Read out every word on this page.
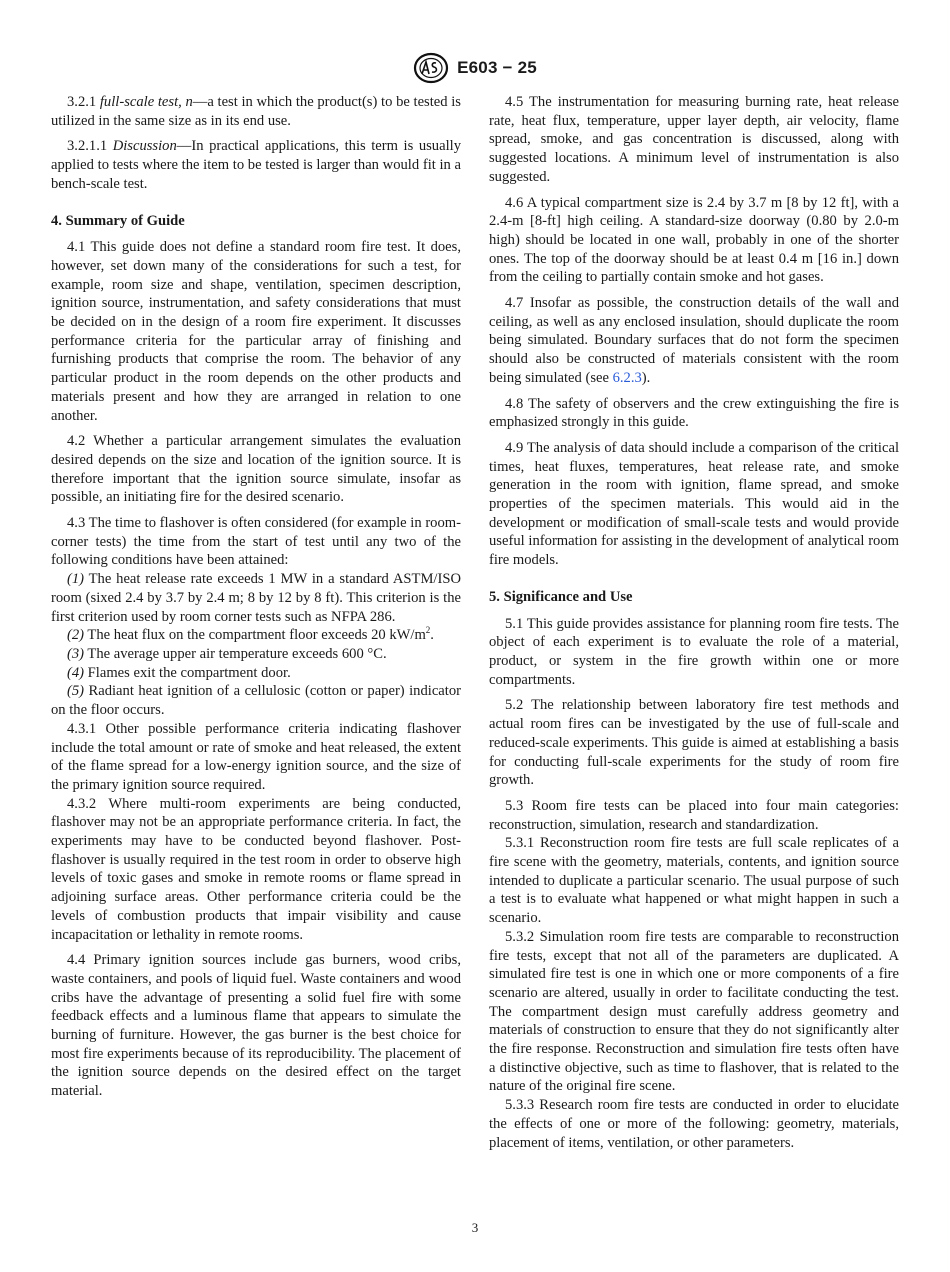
E603 − 25

3.2.1 full-scale test, n—a test in which the product(s) to be tested is utilized in the same size as in its end use.

3.2.1.1 Discussion—In practical applications, this term is usually applied to tests where the item to be tested is larger than would fit in a bench-scale test.

4. Summary of Guide

4.1 This guide does not define a standard room fire test. It does, however, set down many of the considerations for such a test, for example, room size and shape, ventilation, specimen description, ignition source, instrumentation, and safety considerations that must be decided on in the design of a room fire experiment. It discusses performance criteria for the particular array of finishing and furnishing products that comprise the room. The behavior of any particular product in the room depends on the other products and materials present and how they are arranged in relation to one another.

4.2 Whether a particular arrangement simulates the evaluation desired depends on the size and location of the ignition source. It is therefore important that the ignition source simulate, insofar as possible, an initiating fire for the desired scenario.

4.3 The time to flashover is often considered (for example in room-corner tests) the time from the start of test until any two of the following conditions have been attained:

(1) The heat release rate exceeds 1 MW in a standard ASTM/ISO room (sixed 2.4 by 3.7 by 2.4 m; 8 by 12 by 8 ft). This criterion is the first criterion used by room corner tests such as NFPA 286.

(2) The heat flux on the compartment floor exceeds 20 $kW/m^2$.

(3) The average upper air temperature exceeds 600 °C.

(4) Flames exit the compartment door.

(5) Radiant heat ignition of a cellulosic (cotton or paper) indicator on the floor occurs.

4.3.1 Other possible performance criteria indicating flashover include the total amount or rate of smoke and heat released, the extent of the flame spread for a low-energy ignition source, and the size of the primary ignition source required.

4.3.2 Where multi-room experiments are being conducted, flashover may not be an appropriate performance criteria. In fact, the experiments may have to be conducted beyond flashover. Post-flashover is usually required in the test room in order to observe high levels of toxic gases and smoke in remote rooms or flame spread in adjoining surface areas. Other performance criteria could be the levels of combustion products that impair visibility and cause incapacitation or lethality in remote rooms.

4.4 Primary ignition sources include gas burners, wood cribs, waste containers, and pools of liquid fuel. Waste containers and wood cribs have the advantage of presenting a solid fuel fire with some feedback effects and a luminous flame that appears to simulate the burning of furniture. However, the gas burner is the best choice for most fire experiments because of its reproducibility. The placement of the ignition source depends on the desired effect on the target material.

4.5 The instrumentation for measuring burning rate, heat release rate, heat flux, temperature, upper layer depth, air velocity, flame spread, smoke, and gas concentration is discussed, along with suggested locations. A minimum level of instrumentation is also suggested.

4.6 A typical compartment size is 2.4 by 3.7 m [8 by 12 ft], with a 2.4-m [8-ft] high ceiling. A standard-size doorway (0.80 by 2.0-m high) should be located in one wall, probably in one of the shorter ones. The top of the doorway should be at least 0.4 m [16 in.] down from the ceiling to partially contain smoke and hot gases.

4.7 Insofar as possible, the construction details of the wall and ceiling, as well as any enclosed insulation, should duplicate the room being simulated. Boundary surfaces that do not form the specimen should also be constructed of materials consistent with the room being simulated (see 6.2.3).

4.8 The safety of observers and the crew extinguishing the fire is emphasized strongly in this guide.

4.9 The analysis of data should include a comparison of the critical times, heat fluxes, temperatures, heat release rate, and smoke generation in the room with ignition, flame spread, and smoke properties of the specimen materials. This would aid in the development or modification of small-scale tests and would provide useful information for assisting in the development of analytical room fire models.

5. Significance and Use

5.1 This guide provides assistance for planning room fire tests. The object of each experiment is to evaluate the role of a material, product, or system in the fire growth within one or more compartments.

5.2 The relationship between laboratory fire test methods and actual room fires can be investigated by the use of full-scale and reduced-scale experiments. This guide is aimed at establishing a basis for conducting full-scale experiments for the study of room fire growth.

5.3 Room fire tests can be placed into four main categories: reconstruction, simulation, research and standardization.

5.3.1 Reconstruction room fire tests are full scale replicates of a fire scene with the geometry, materials, contents, and ignition source intended to duplicate a particular scenario. The usual purpose of such a test is to evaluate what happened or what might happen in such a scenario.

5.3.2 Simulation room fire tests are comparable to reconstruction fire tests, except that not all of the parameters are duplicated. A simulated fire test is one in which one or more components of a fire scenario are altered, usually in order to facilitate conducting the test. The compartment design must carefully address geometry and materials of construction to ensure that they do not significantly alter the fire response. Reconstruction and simulation fire tests often have a distinctive objective, such as time to flashover, that is related to the nature of the original fire scene.

5.3.3 Research room fire tests are conducted in order to elucidate the effects of one or more of the following: geometry, materials, placement of items, ventilation, or other parameters.

3
